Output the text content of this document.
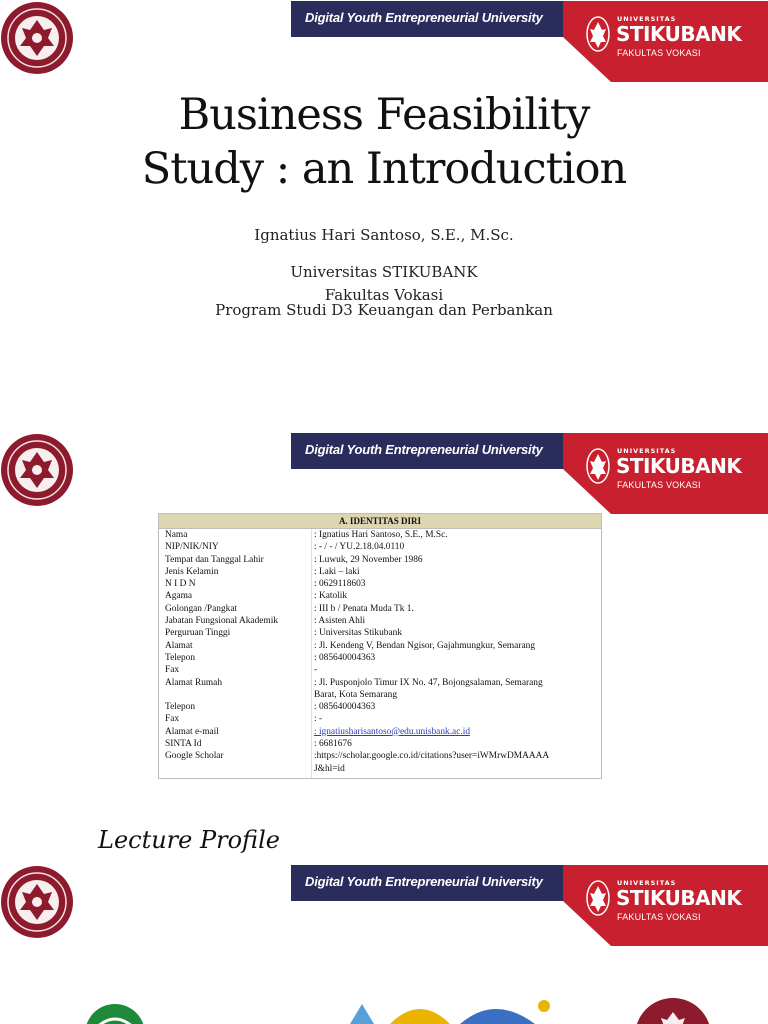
Digital Youth Entrepreneurial University	UNIVERSITAS
STIKUBANK
FAKULTAS VOKASI
Business Feasibility
Study : an Introduction
Ignatius Hari Santoso, S.E., M.Sc.
Universitas STIKUBANK
Fakultas Vokasi
Program Studi D3 Keuangan dan Perbankan
Digital Youth Entrepreneurial University	UNIVERSITAS
STIKUBANK
FAKULTAS VOKASI
A. IDENTITAS DIRI
Nama	: Ignatius Hari Santoso, S.E., M.Sc.
NIP/NIK/NIY	: - / - / YU.2.18.04.0110
Tempat dan Tanggal Lahir	: Luwuk, 29 November 1986
Jenis Kelamin	: Laki – laki
N I D N	: 0629118603
Agama	: Katolik
Golongan /Pangkat	: III b / Penata Muda Tk 1.
Jabatan Fungsional Akademik	: Asisten Ahli
Perguruan Tinggi	: Universitas Stikubank
Alamat	: Jl. Kendeng V, Bendan Ngisor, Gajahmungkur, Semarang
Telepon	: 085640004363
Fax	-
Alamat Rumah	: Jl. Pusponjolo Timur IX No. 47, Bojongsalaman, Semarang
Barat, Kota Semarang
Telepon	: 085640004363
Fax	: -
Alamat e-mail	: ignatiusharisantoso@edu.unisbank.ac.id
SINTA Id	: 6681676
Google Scholar	:https://scholar.google.co.id/citations?user=iWMrwDMAAAA
J&hl=id
Lecture Profile
Digital Youth Entrepreneurial University	UNIVERSITAS
STIKUBANK
FAKULTAS VOKASI
